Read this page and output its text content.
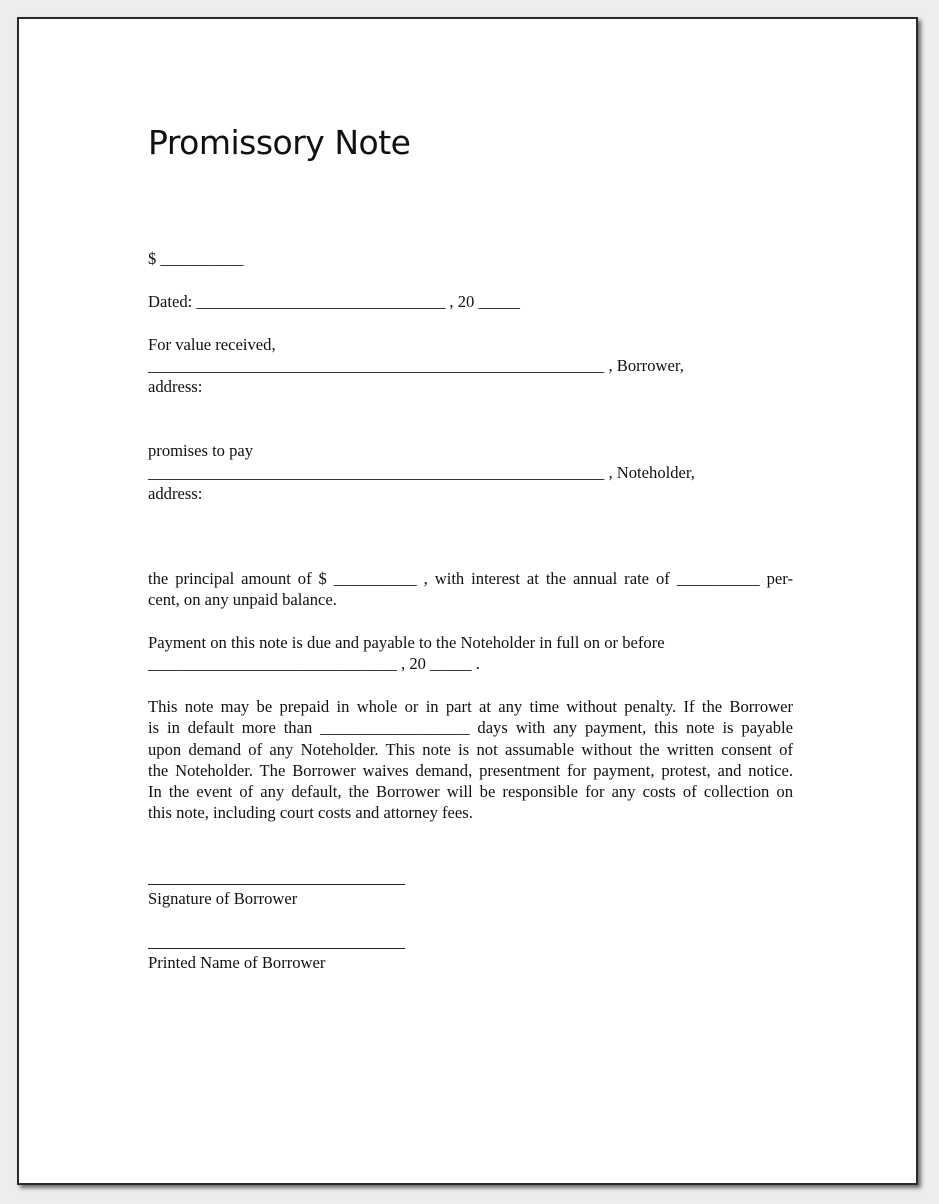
Promissory Note

$ __________

Dated: ______________________________ , 20 _____

For value received,

_______________________________________________________ , Borrower,

address:

promises to pay

_______________________________________________________ , Noteholder,

address:

the principal amount of $ __________ , with interest at the annual rate of __________ per-
cent, on any unpaid balance.
Payment on this note is due and payable to the Noteholder in full on or before
______________________________ , 20 _____ .
This note may be prepaid in whole or in part at any time without penalty. If the Borrower
is in default more than __________________ days with any payment, this note is payable
upon demand of any Noteholder. This note is not assumable without the written consent of
the Noteholder. The Borrower waives demand, presentment for payment, protest, and notice.
In the event of any default, the Borrower will be responsible for any costs of collection on
this note, including court costs and attorney fees.

Signature of Borrower

Printed Name of Borrower
